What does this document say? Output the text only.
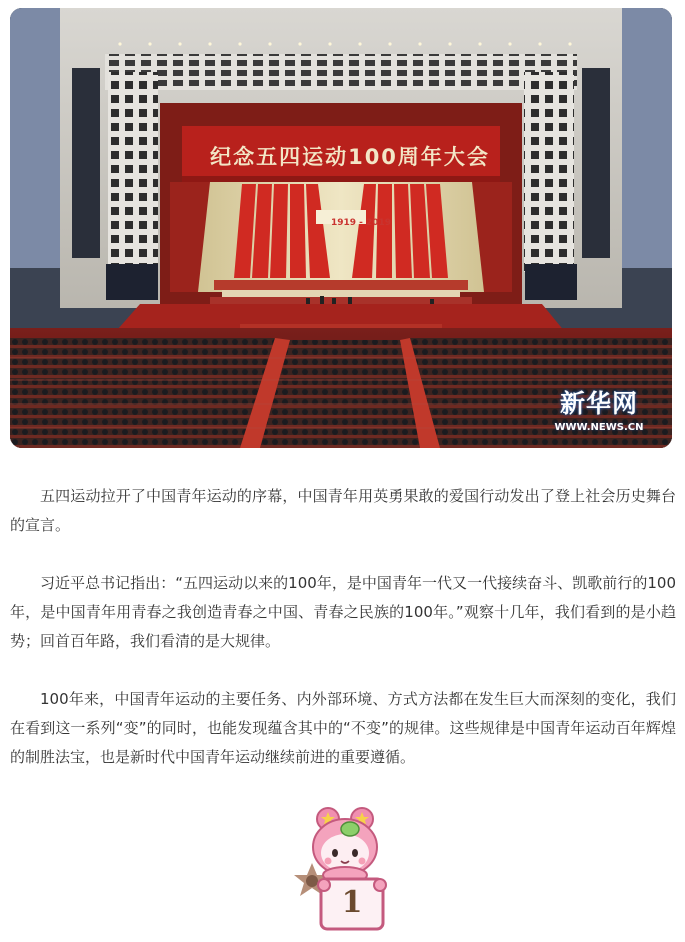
纪念五四运动100周年大会
1919 - 2019
新华网
WWW.NEWS.CN

五四运动拉开了中国青年运动的序幕，中国青年用英勇果敢的爱国行动发出了登上社会历史舞台的宣言。

习近平总书记指出：“五四运动以来的100年，是中国青年一代又一代接续奋斗、凯歌前行的100年，是中国青年用青春之我创造青春之中国、青春之民族的100年。”观察十几年，我们看到的是小趋势；回首百年路，我们看清的是大规律。

100年来，中国青年运动的主要任务、内外部环境、方式方法都在发生巨大而深刻的变化，我们在看到这一系列“变”的同时，也能发现蕴含其中的“不变”的规律。这些规律是中国青年运动百年辉煌的制胜法宝，也是新时代中国青年运动继续前进的重要遵循。

1
